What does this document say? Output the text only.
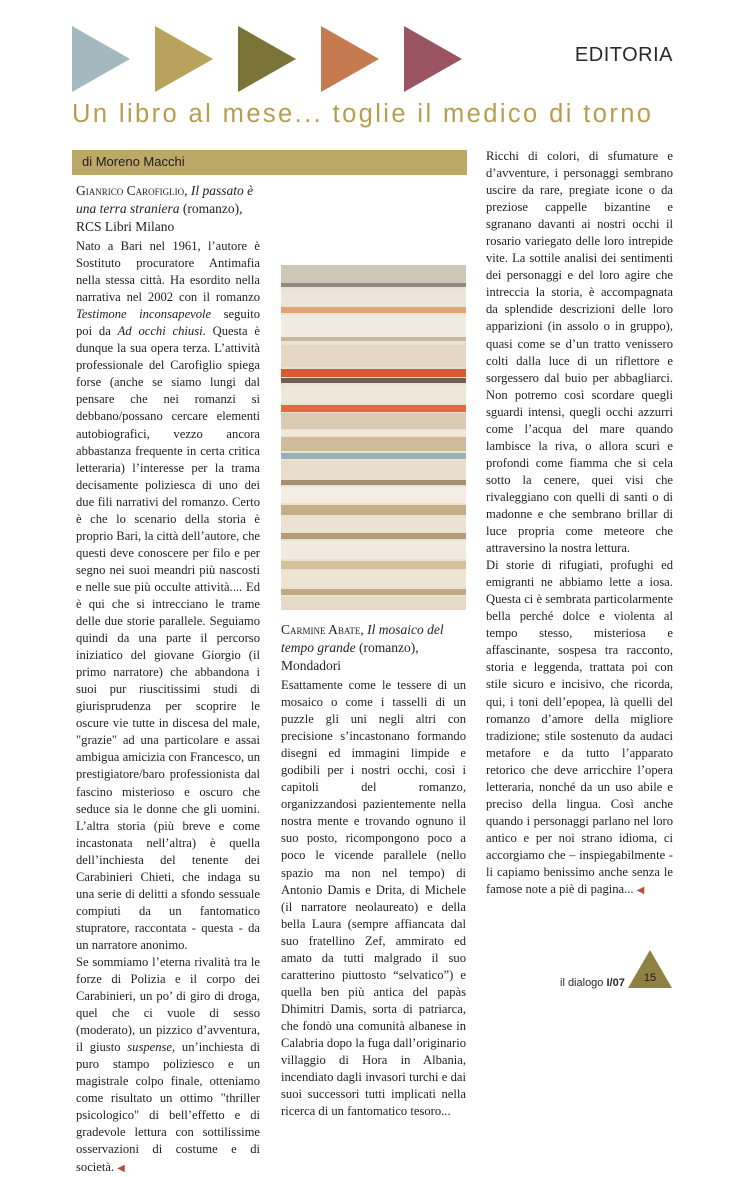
EDITORIA
Un libro al mese... toglie il medico di torno
di Moreno Macchi

Gianrico Carofiglio, Il passato è una terra straniera (romanzo), RCS Libri Milano

Nato a Bari nel 1961, l’autore è Sostituto procuratore Antimafia nella stessa città. Ha esordito nella narrativa nel 2002 con il romanzo Testimone inconsapevole seguito poi da Ad occhi chiusi. Questa è dunque la sua opera terza. L’attività professionale del Carofiglio spiega forse (anche se siamo lungi dal pensare che nei romanzi si debbano/possano cercare elementi autobiografici, vezzo ancora abbastanza frequente in certa critica letteraria) l’interesse per la trama decisamente poliziesca di uno dei due fili narrativi del romanzo. Certo è che lo scenario della storia è proprio Bari, la città dell’autore, che questi deve conoscere per filo e per segno nei suoi meandri più nascosti e nelle sue più occulte attività.... Ed è qui che si intrecciano le trame delle due storie parallele. Seguiamo quindi da una parte il percorso iniziatico del giovane Giorgio (il primo narratore) che abbandona i suoi pur riuscitissimi studi di giurisprudenza per scoprire le oscure vie tutte in discesa del male, "grazie" ad una particolare e assai ambigua amicizia con Francesco, un prestigiatore/baro professionista dal fascino misterioso e oscuro che seduce sia le donne che gli uomini. L’altra storia (più breve e come incastonata nell’altra) è quella dell’inchiesta del tenente dei Carabinieri Chieti, che indaga su una serie di delitti a sfondo sessuale compiuti da un fantomatico stupratore, raccontata - questa - da un narratore anonimo.

Se sommiamo l’eterna rivalità tra le forze di Polizia e il corpo dei Carabinieri, un po’ di giro di droga, quel che ci vuole di sesso (moderato), un pizzico d’avventura, il giusto suspense, un’inchiesta di puro stampo poliziesco e un magistrale colpo finale, otteniamo come risultato un ottimo "thriller psicologico" di bell’effetto e di gradevole lettura con sottilissime osservazioni di costume e di società. ◀

Ricchi di colori, di sfumature e d’avventure, i personaggi sembrano uscire da rare, pregiate icone o da preziose cappelle bizantine e sgranano davanti ai nostri occhi il rosario variegato delle loro intrepide vite. La sottile analisi dei sentimenti dei personaggi e del loro agire che intreccia la storia, è accompagnata da splendide descrizioni delle loro apparizioni (in assolo o in gruppo), quasi come se d’un tratto venissero colti dalla luce di un riflettore e sorgessero dal buio per abbagliarci. Non potremo così scordare quegli sguardi intensi, quegli occhi azzurri come l’acqua del mare quando lambisce la riva, o allora scuri e profondi come fiamma che si cela sotto la cenere, quei visi che rivaleggiano con quelli di santi o di madonne e che sembrano brillar di luce propria come meteore che attraversino la nostra lettura.

Di storie di rifugiati, profughi ed emigranti ne abbiamo lette a iosa. Questa ci è sembrata particolarmente bella perché dolce e violenta al tempo stesso, misteriosa e affascinante, sospesa tra racconto, storia e leggenda, trattata poi con stile sicuro e incisivo, che ricorda, qui, i toni dell’epopea, là quelli del romanzo d’amore della migliore tradizione; stile sostenuto da audaci metafore e da tutto l’apparato retorico che deve arricchire l’opera letteraria, nonché da un uso abile e preciso della lingua. Così anche quando i personaggi parlano nel loro antico e per noi strano idioma, ci accorgiamo che – inspiegabilmente - li capiamo benissimo anche senza le famose note a piè di pagina... ◀

Carmine Abate, Il mosaico del tempo grande (romanzo), Mondadori

Esattamente come le tessere di un mosaico o come i tasselli di un puzzle gli uni negli altri con precisione s’incastonano formando disegni ed immagini limpide e godibili per i nostri occhi, così i capitoli del romanzo, organizzandosi pazientemente nella nostra mente e trovando ognuno il suo posto, ricompongono poco a poco le vicende parallele (nello spazio ma non nel tempo) di Antonio Damis e Drita, di Michele (il narratore neolaureato) e della bella Laura (sempre affiancata dal suo fratellino Zef, ammirato ed amato da tutti malgrado il suo caratterino piuttosto “selvatico”) e quella ben più antica del papàs Dhimitri Damis, sorta di patriarca, che fondò una comunità albanese in Calabria dopo la fuga dall’originario villaggio di Hora in Albania, incendiato dagli invasori turchi e dai suoi successori tutti implicati nella ricerca di un fantomatico tesoro...

il dialogo I/07	15
